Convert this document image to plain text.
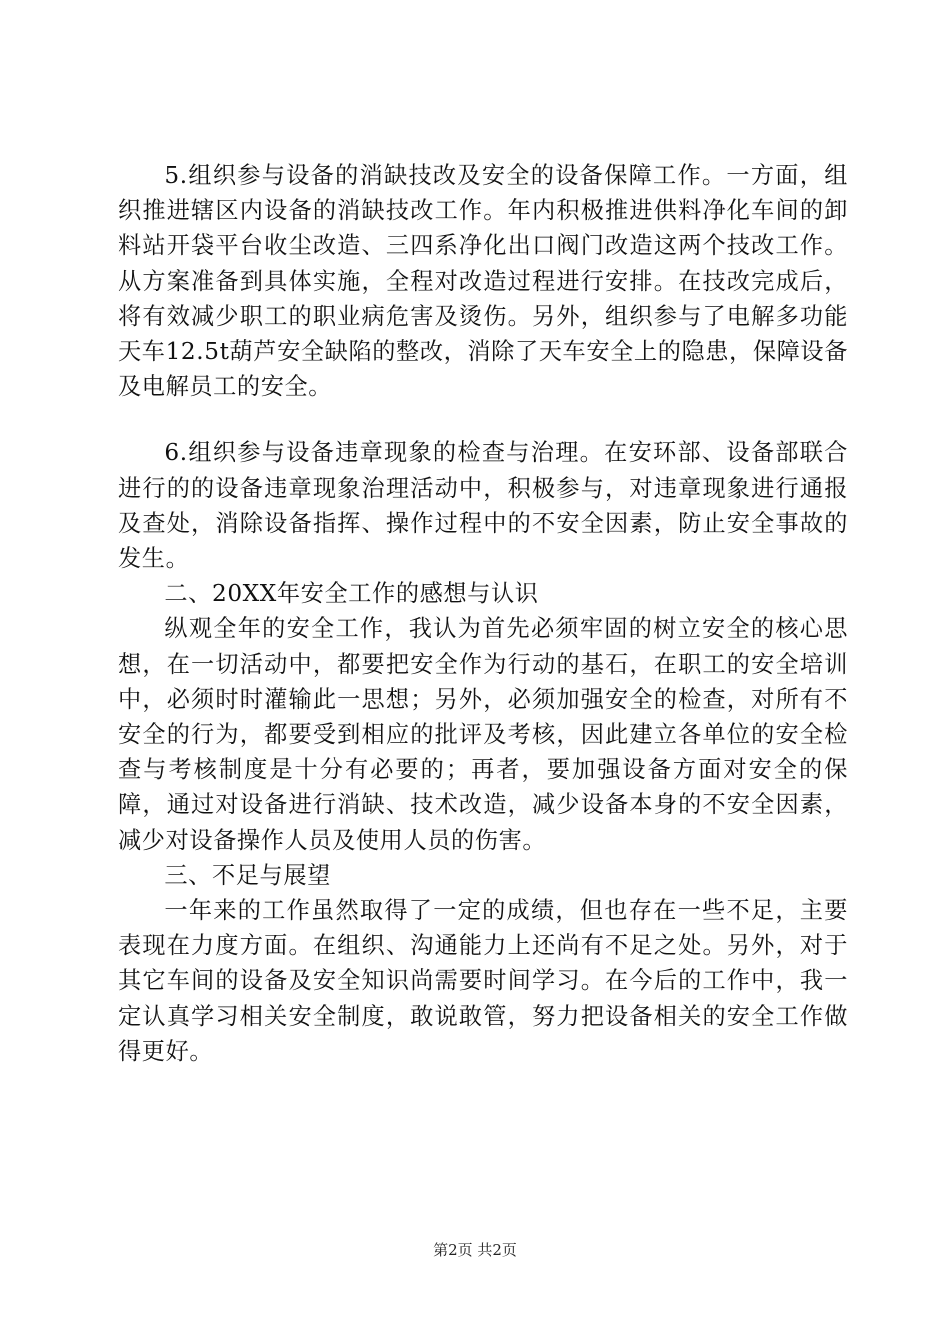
5.组织参与设备的消缺技改及安全的设备保障工作。一方面，组织推进辖区内设备的消缺技改工作。年内积极推进供料净化车间的卸料站开袋平台收尘改造、三四系净化出口阀门改造这两个技改工作。从方案准备到具体实施，全程对改造过程进行安排。在技改完成后，将有效减少职工的职业病危害及烫伤。另外，组织参与了电解多功能天车12.5t葫芦安全缺陷的整改，消除了天车安全上的隐患，保障设备及电解员工的安全。

6.组织参与设备违章现象的检查与治理。在安环部、设备部联合进行的的设备违章现象治理活动中，积极参与，对违章现象进行通报及查处，消除设备指挥、操作过程中的不安全因素，防止安全事故的发生。

二、20XX年安全工作的感想与认识

纵观全年的安全工作，我认为首先必须牢固的树立安全的核心思想，在一切活动中，都要把安全作为行动的基石，在职工的安全培训中，必须时时灌输此一思想；另外，必须加强安全的检查，对所有不安全的行为，都要受到相应的批评及考核，因此建立各单位的安全检查与考核制度是十分有必要的；再者，要加强设备方面对安全的保障，通过对设备进行消缺、技术改造，减少设备本身的不安全因素，减少对设备操作人员及使用人员的伤害。

三、不足与展望

一年来的工作虽然取得了一定的成绩，但也存在一些不足，主要表现在力度方面。在组织、沟通能力上还尚有不足之处。另外，对于其它车间的设备及安全知识尚需要时间学习。在今后的工作中，我一定认真学习相关安全制度，敢说敢管，努力把设备相关的安全工作做得更好。

第2页 共2页
